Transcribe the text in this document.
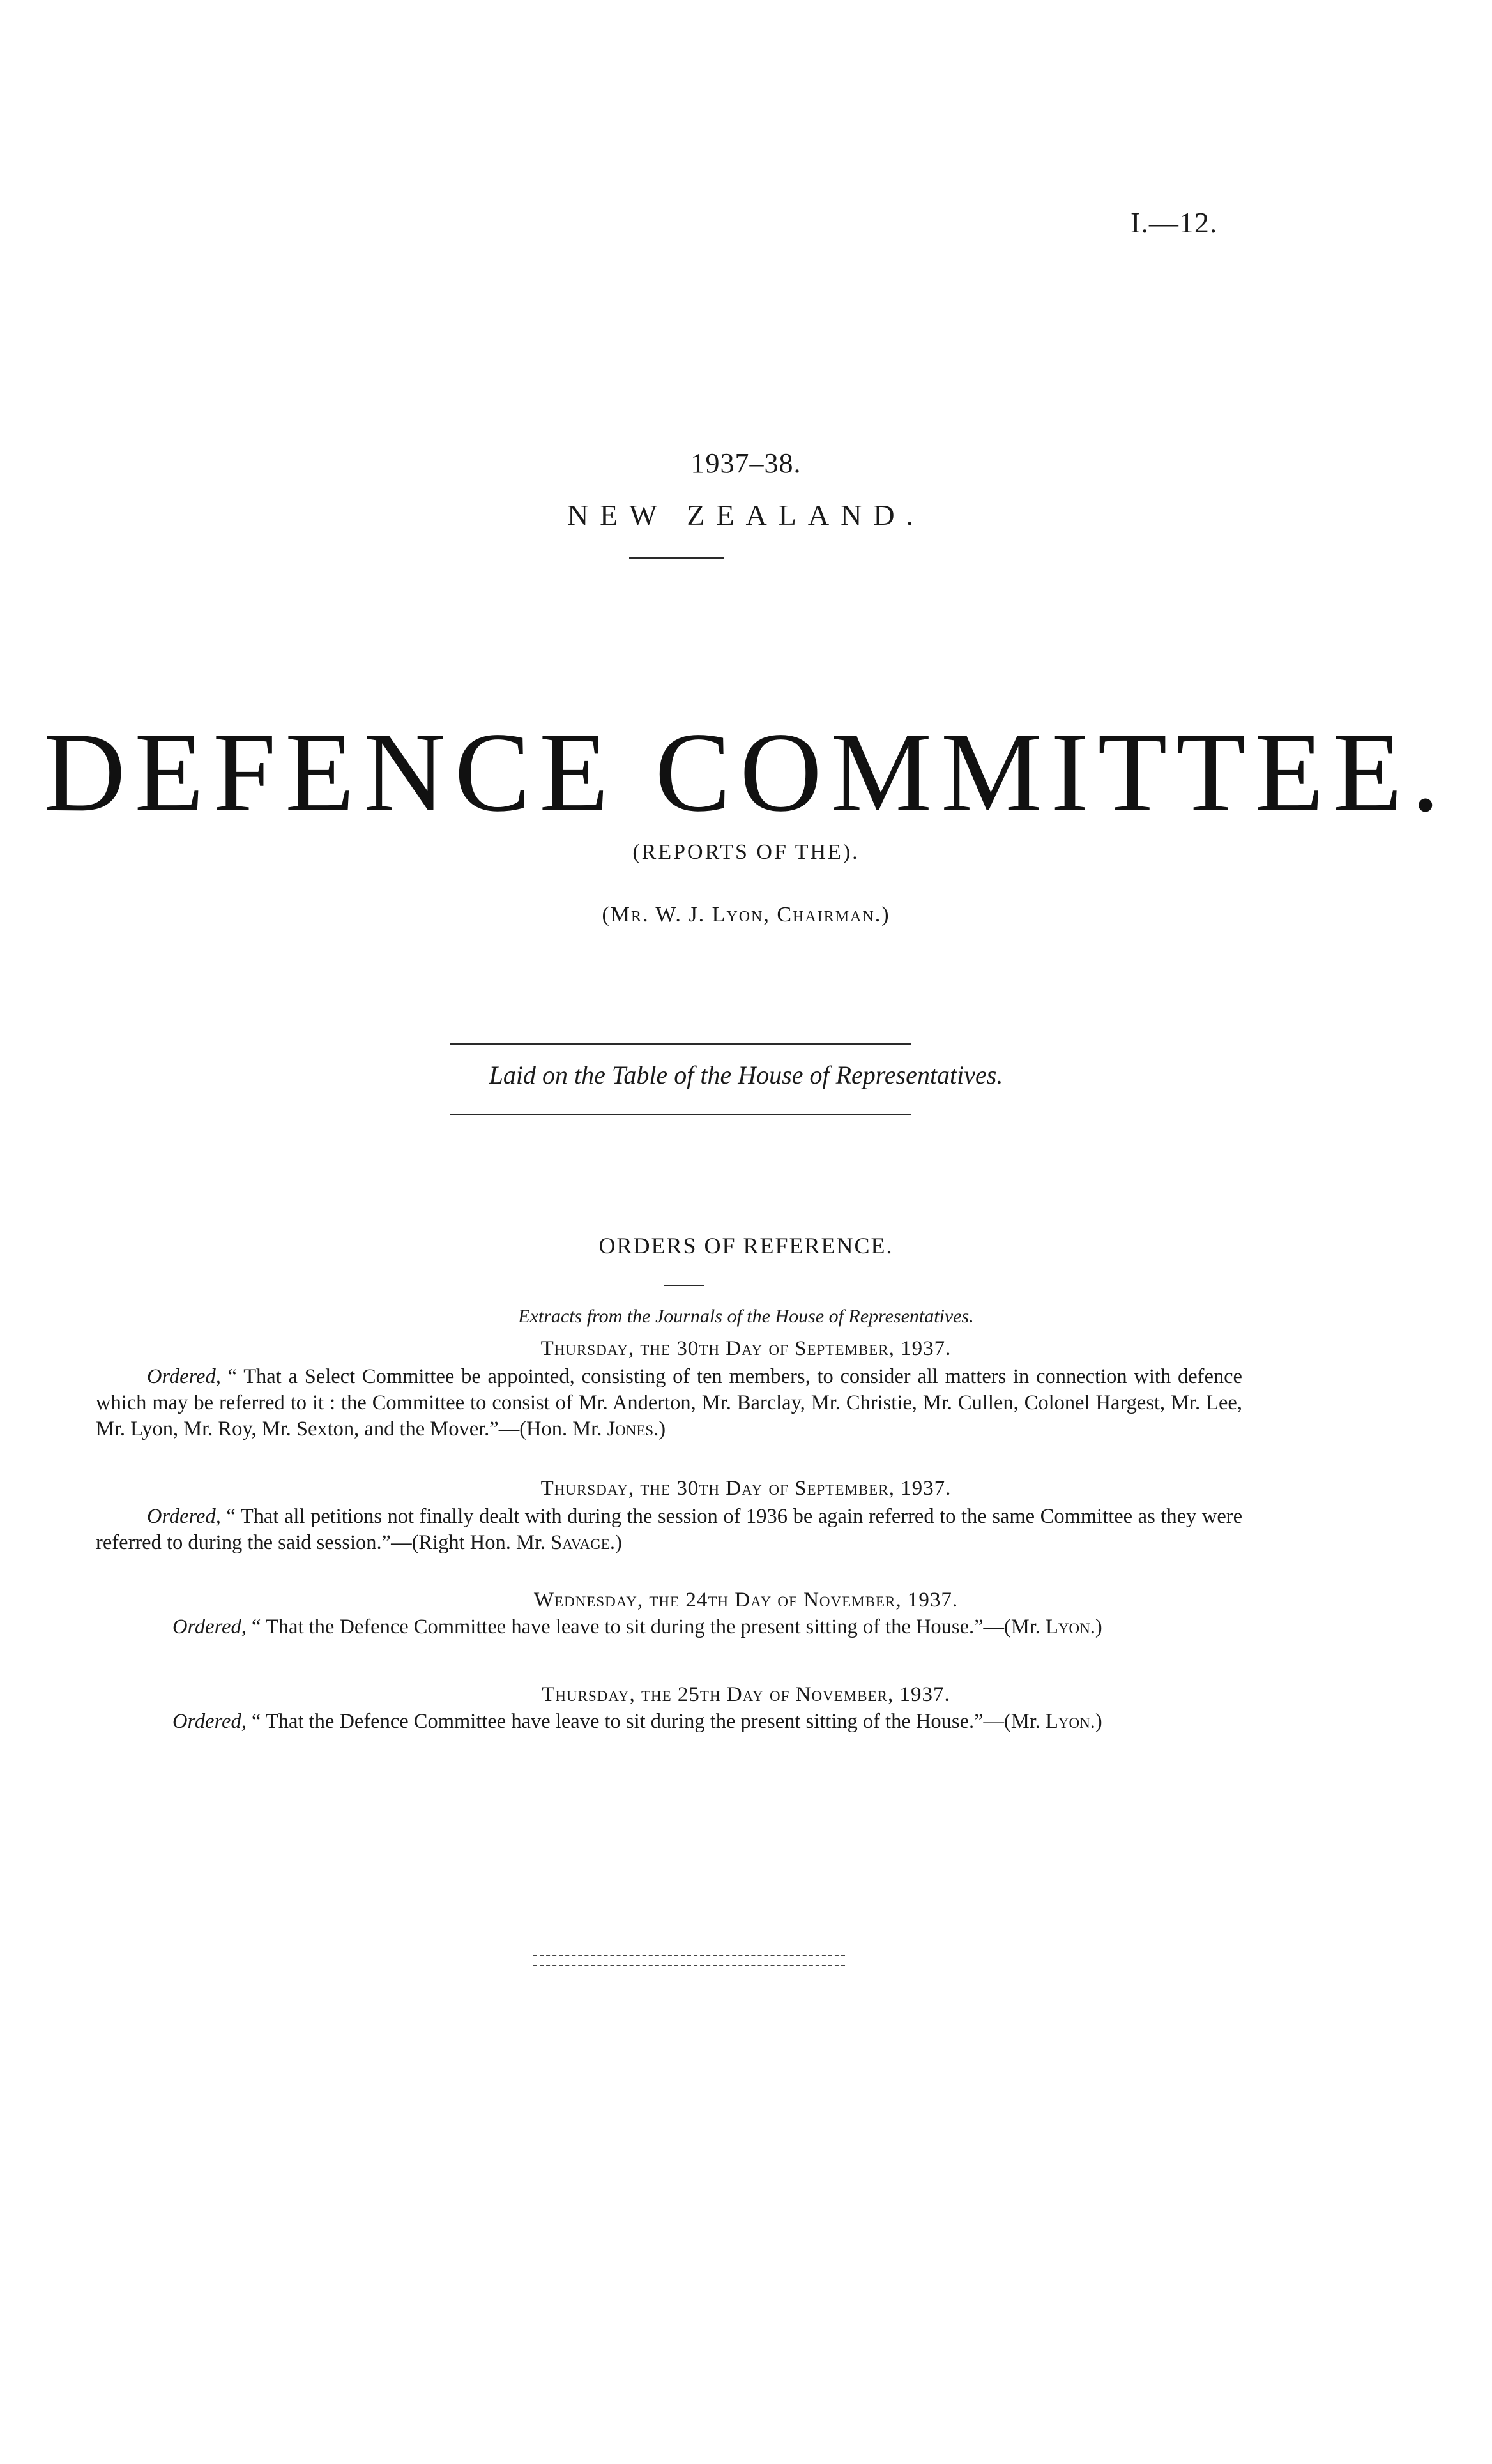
I.—12.
1937–38.
NEW ZEALAND.
DEFENCE COMMITTEE.
(REPORTS OF THE).
(Mr. W. J. Lyon, Chairman.)
Laid on the Table of the House of Representatives.
ORDERS OF REFERENCE.
Extracts from the Journals of the House of Representatives.
Thursday, the 30th Day of September, 1937.
Ordered, “ That a Select Committee be appointed, consisting of ten members, to consider all matters in connection with defence which may be referred to it : the Committee to consist of Mr. Anderton, Mr. Barclay, Mr. Christie, Mr. Cullen, Colonel Hargest, Mr. Lee, Mr. Lyon, Mr. Roy, Mr. Sexton, and the Mover.”—(Hon. Mr. Jones.)
Thursday, the 30th Day of September, 1937.
Ordered, “ That all petitions not finally dealt with during the session of 1936 be again referred to the same Committee as they were referred to during the said session.”—(Right Hon. Mr. Savage.)
Wednesday, the 24th Day of November, 1937.
Ordered, “ That the Defence Committee have leave to sit during the present sitting of the House.”—(Mr. Lyon.)
Thursday, the 25th Day of November, 1937.
Ordered, “ That the Defence Committee have leave to sit during the present sitting of the House.”—(Mr. Lyon.)
